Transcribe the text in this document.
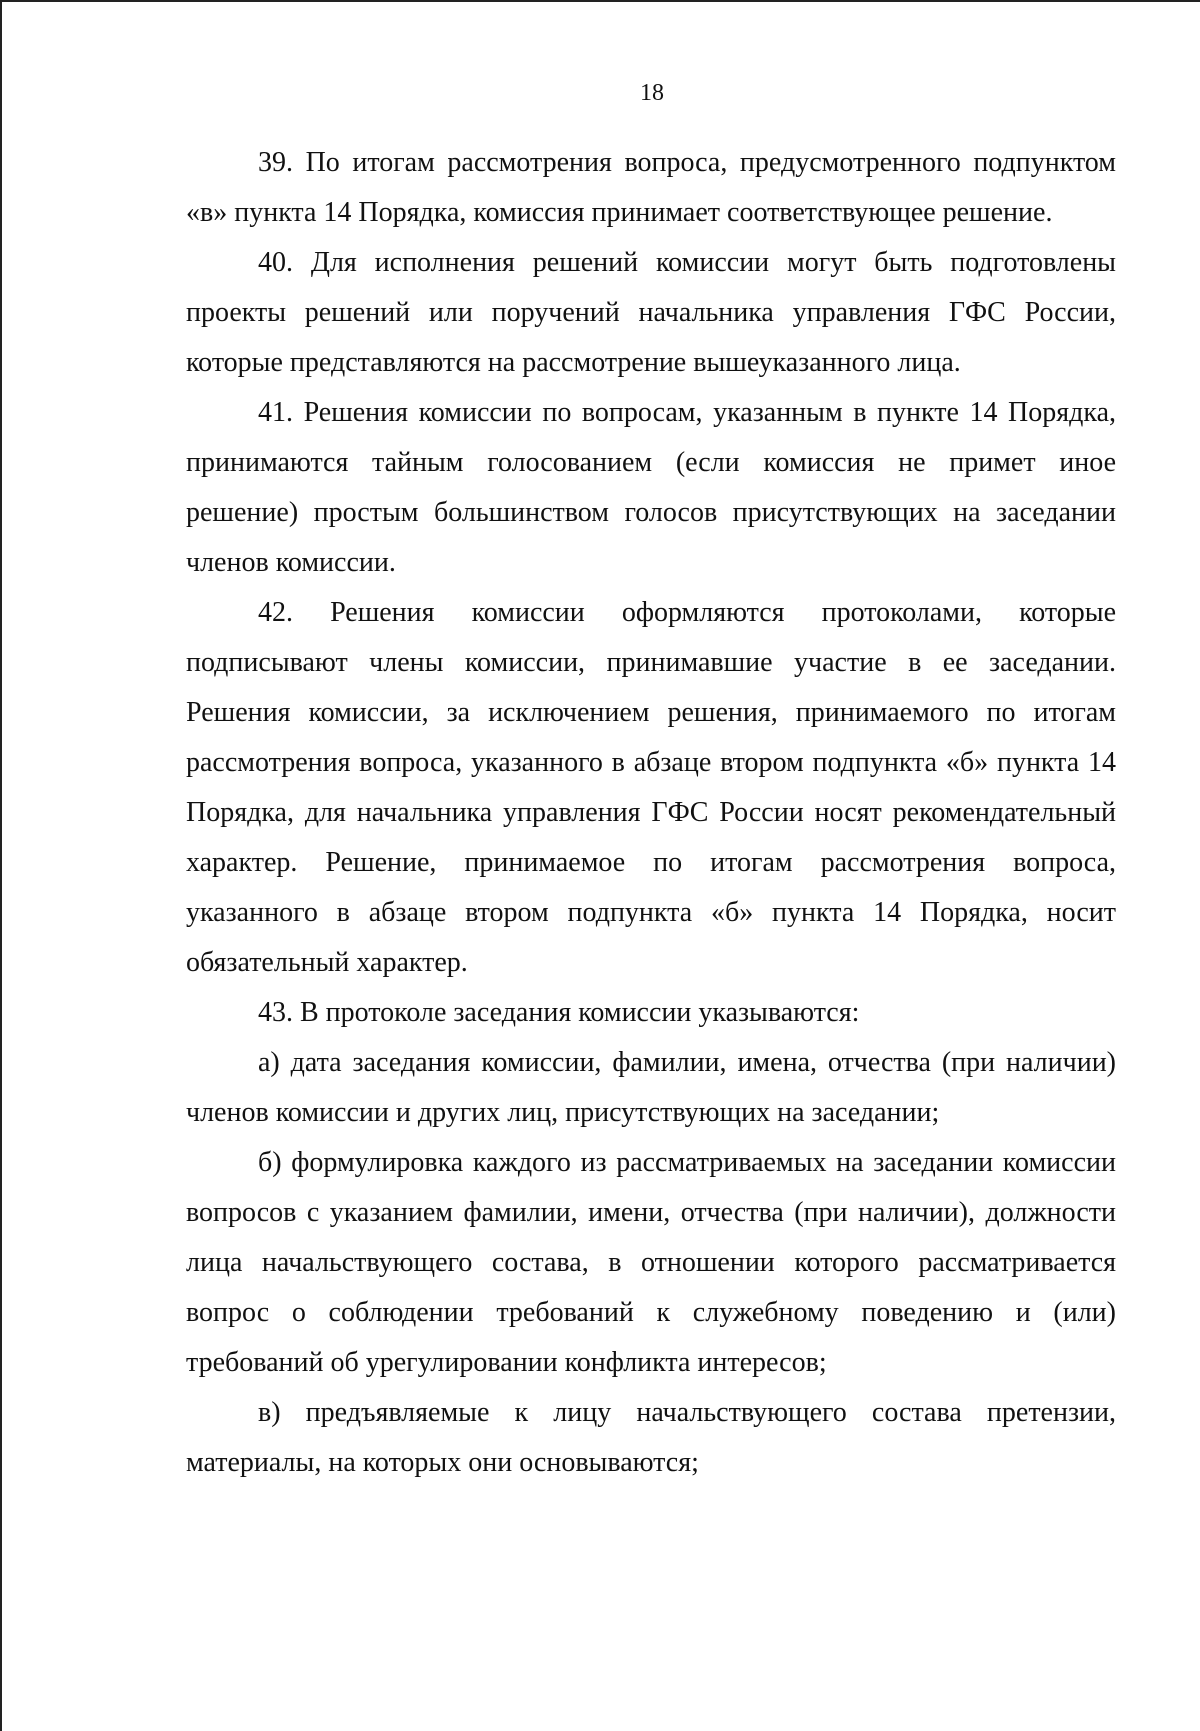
18

39. По итогам рассмотрения вопроса, предусмотренного подпунктом «в» пункта 14 Порядка, комиссия принимает соответствующее решение.

40. Для исполнения решений комиссии могут быть подготовлены проекты решений или поручений начальника управления ГФС России, которые представляются на рассмотрение вышеуказанного лица.

41. Решения комиссии по вопросам, указанным в пункте 14 Порядка, принимаются тайным голосованием (если комиссия не примет иное решение) простым большинством голосов присутствующих на заседании членов комиссии.

42. Решения комиссии оформляются протоколами, которые подписывают члены комиссии, принимавшие участие в ее заседании. Решения комиссии, за исключением решения, принимаемого по итогам рассмотрения вопроса, указанного в абзаце втором подпункта «б» пункта 14 Порядка, для начальника управления ГФС России носят рекомендательный характер. Решение, принимаемое по итогам рассмотрения вопроса, указанного в абзаце втором подпункта «б» пункта 14 Порядка, носит обязательный характер.

43. В протоколе заседания комиссии указываются:

а) дата заседания комиссии, фамилии, имена, отчества (при наличии) членов комиссии и других лиц, присутствующих на заседании;

б) формулировка каждого из рассматриваемых на заседании комиссии вопросов с указанием фамилии, имени, отчества (при наличии), должности лица начальствующего состава, в отношении которого рассматривается вопрос о соблюдении требований к служебному поведению и (или) требований об урегулировании конфликта интересов;

в) предъявляемые к лицу начальствующего состава претензии, материалы, на которых они основываются;
